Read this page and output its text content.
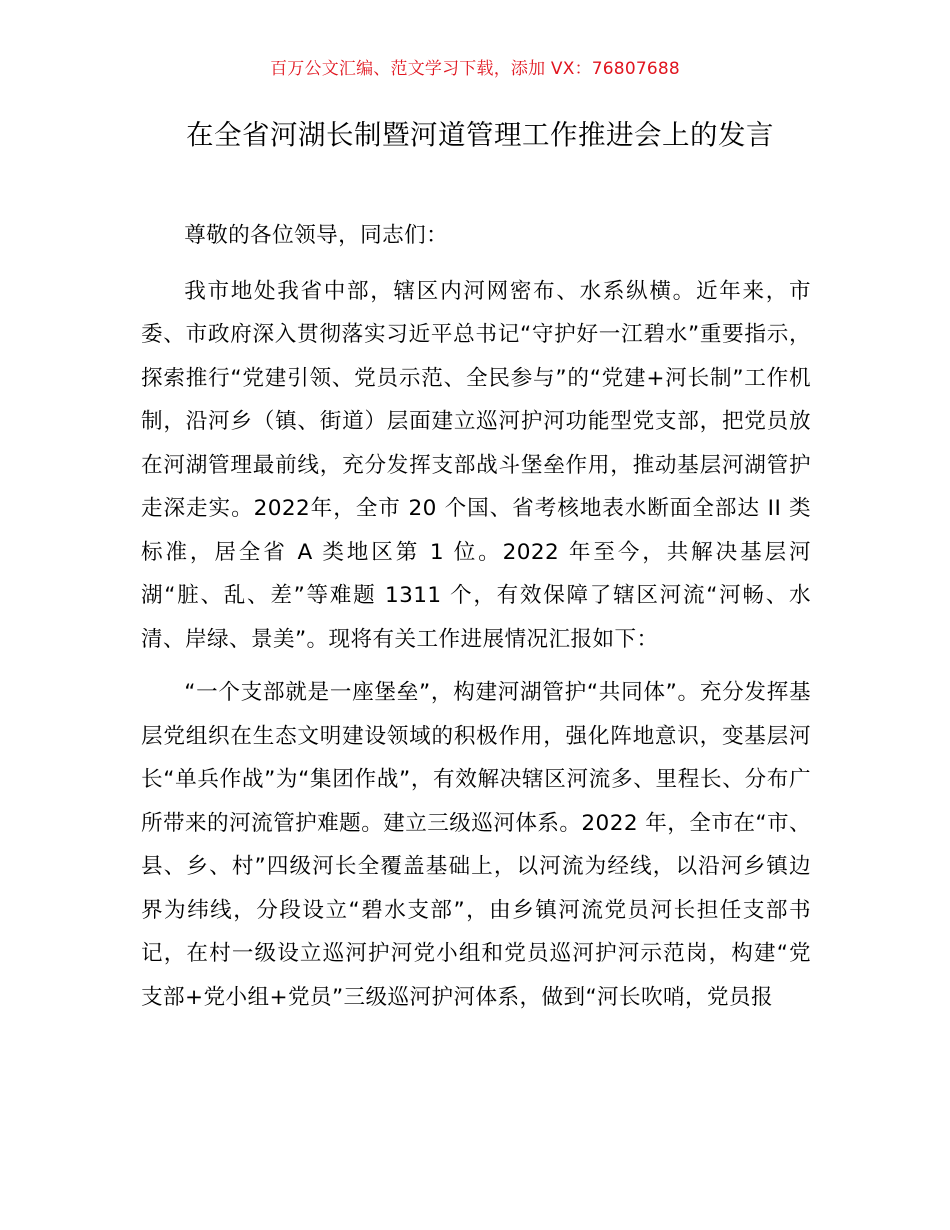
百万公文汇编、范文学习下载，添加 VX：76807688
在全省河湖长制暨河道管理工作推进会上的发言

尊敬的各位领导，同志们：

我市地处我省中部，辖区内河网密布、水系纵横。近年来，市委、市政府深入贯彻落实习近平总书记“守护好一江碧水”重要指示，探索推行“党建引领、党员示范、全民参与”的“党建+河长制”工作机制，沿河乡（镇、街道）层面建立巡河护河功能型党支部，把党员放在河湖管理最前线，充分发挥支部战斗堡垒作用，推动基层河湖管护走深走实。2022年，全市 20 个国、省考核地表水断面全部达 II 类标准，居全省 A 类地区第 1 位。2022 年至今，共解决基层河湖“脏、乱、差”等难题 1311 个，有效保障了辖区河流“河畅、水清、岸绿、景美”。现将有关工作进展情况汇报如下：

“一个支部就是一座堡垒”，构建河湖管护“共同体”。充分发挥基层党组织在生态文明建设领域的积极作用，强化阵地意识，变基层河长“单兵作战”为“集团作战”，有效解决辖区河流多、里程长、分布广所带来的河流管护难题。建立三级巡河体系。2022 年，全市在“市、县、乡、村”四级河长全覆盖基础上，以河流为经线，以沿河乡镇边界为纬线，分段设立“碧水支部”，由乡镇河流党员河长担任支部书记，在村一级设立巡河护河党小组和党员巡河护河示范岗，构建“党支部+党小组+党员”三级巡河护河体系，做到“河长吹哨，党员报
